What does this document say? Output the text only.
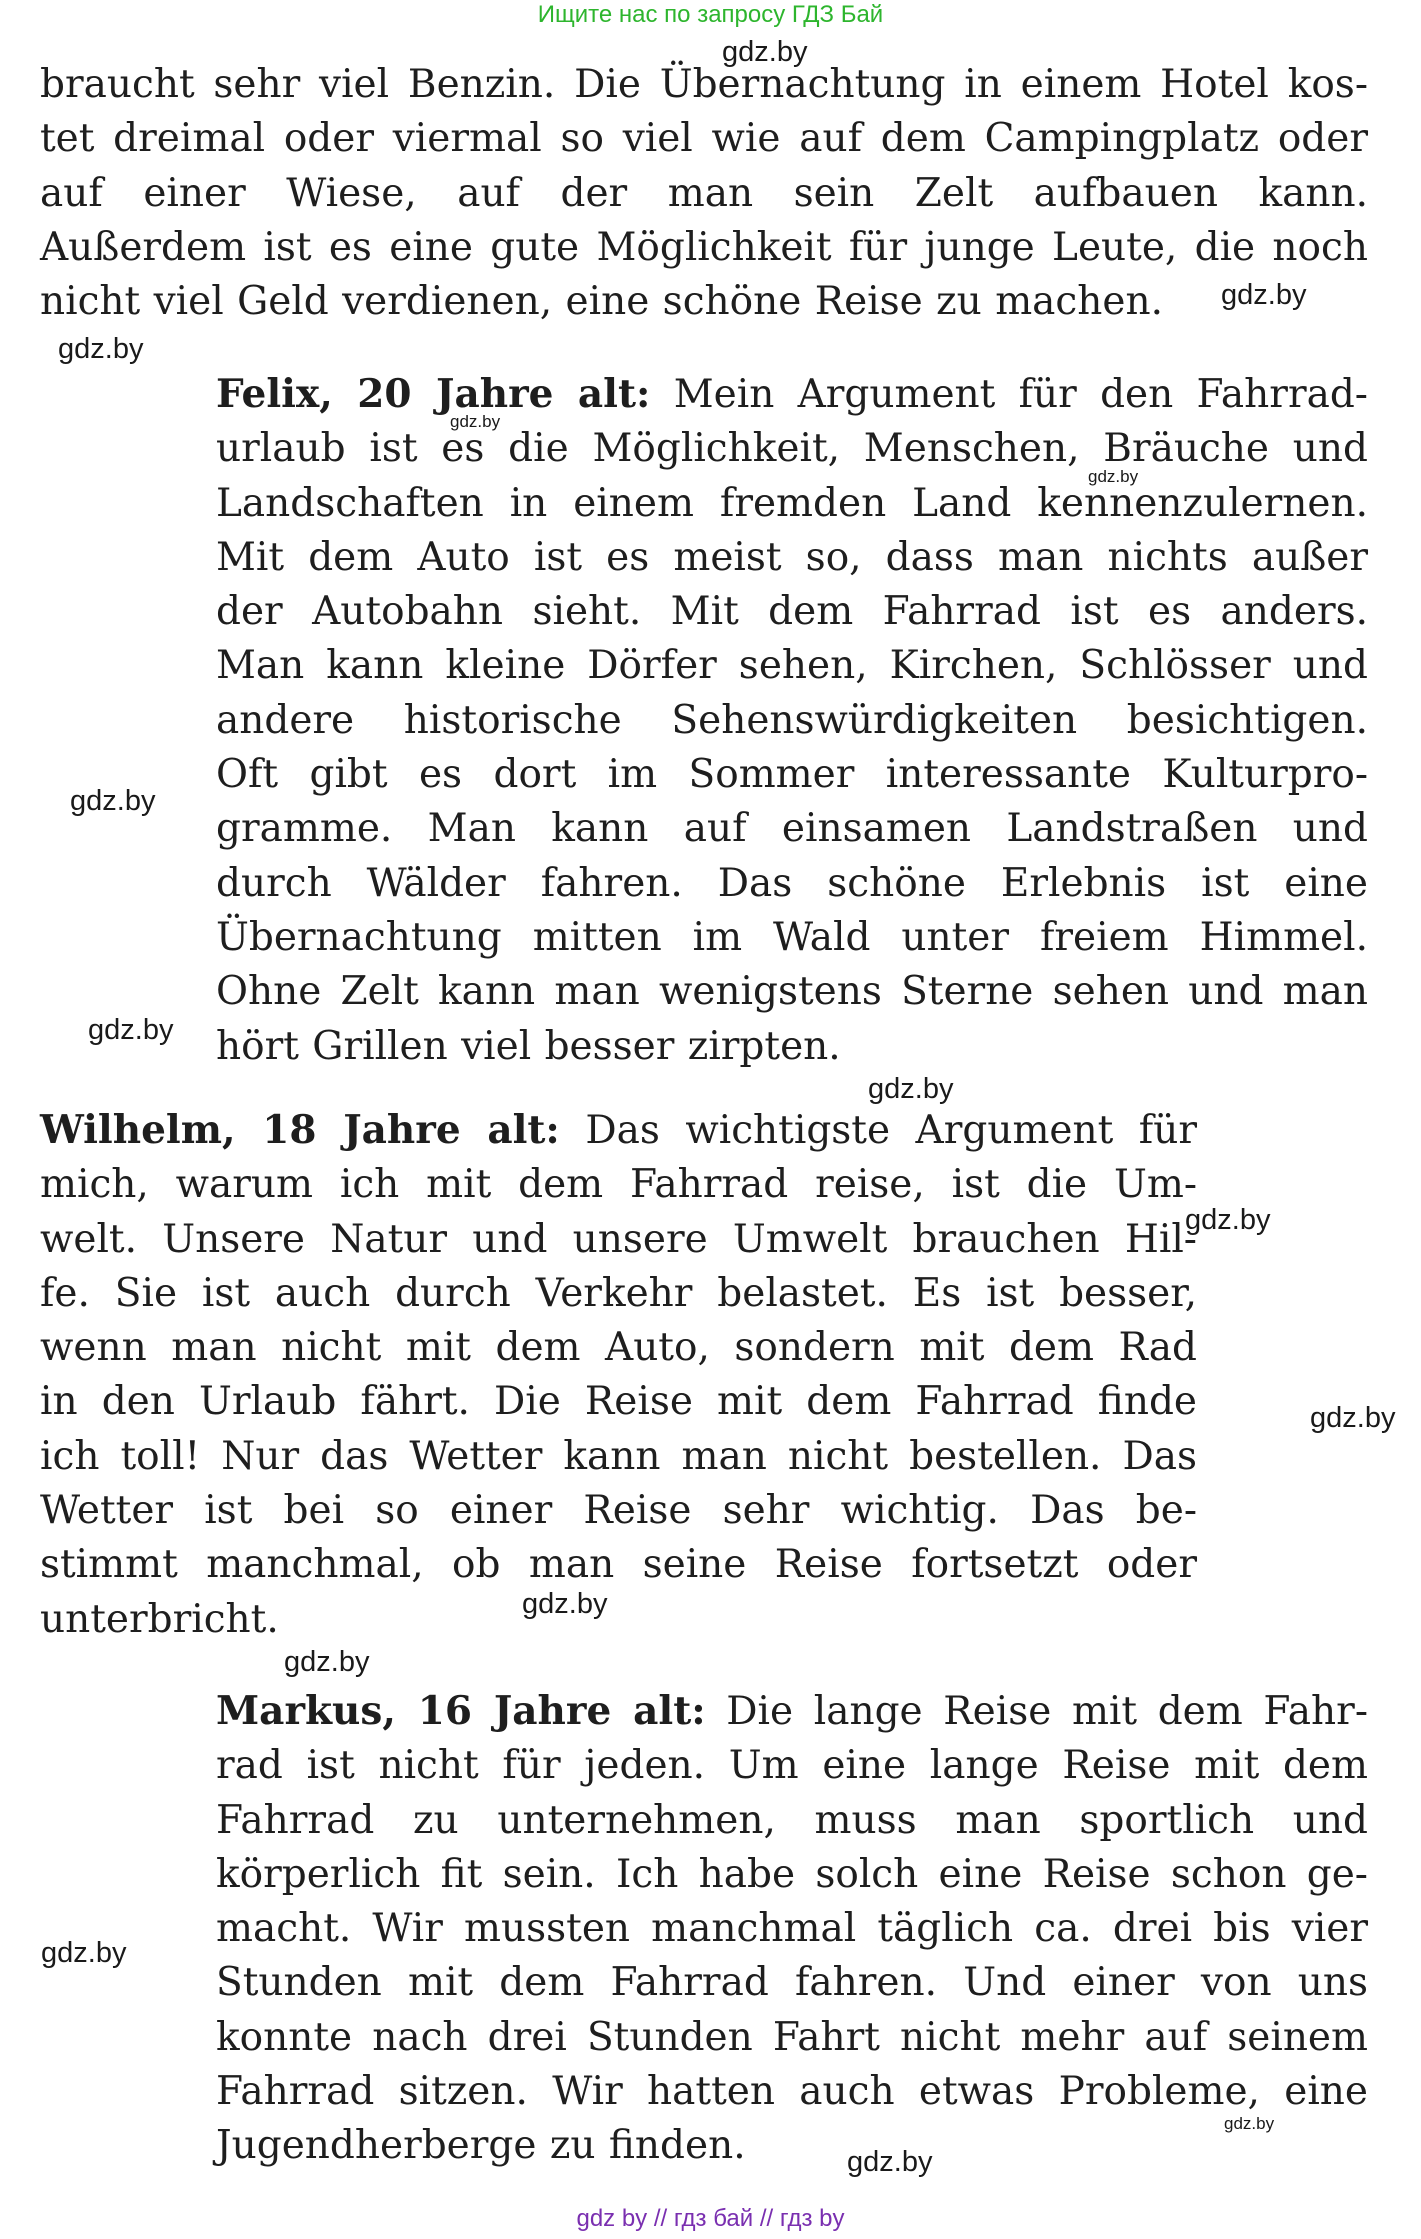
Ищите нас по запросу ГДЗ Бай
braucht sehr viel Benzin. Die Übernachtung in einem Hotel kos-
tet dreimal oder viermal so viel wie auf dem Campingplatz oder
auf einer Wiese, auf der man sein Zelt aufbauen kann.
Außerdem ist es eine gute Möglichkeit für junge Leute, die noch
nicht viel Geld verdienen, eine schöne Reise zu machen.
Felix, 20 Jahre alt: Mein Argument für den Fahrrad-
urlaub ist es die Möglichkeit, Menschen, Bräuche und
Landschaften in einem fremden Land kennenzulernen.
Mit dem Auto ist es meist so, dass man nichts außer
der Autobahn sieht. Mit dem Fahrrad ist es anders.
Man kann kleine Dörfer sehen, Kirchen, Schlösser und
andere historische Sehenswürdigkeiten besichtigen.
Oft gibt es dort im Sommer interessante Kulturpro-
gramme. Man kann auf einsamen Landstraßen und
durch Wälder fahren. Das schöne Erlebnis ist eine
Übernachtung mitten im Wald unter freiem Himmel.
Ohne Zelt kann man wenigstens Sterne sehen und man
hört Grillen viel besser zirpten.
Wilhelm, 18 Jahre alt: Das wichtigste Argument für
mich, warum ich mit dem Fahrrad reise, ist die Um-
welt. Unsere Natur und unsere Umwelt brauchen Hil-
fe. Sie ist auch durch Verkehr belastet. Es ist besser,
wenn man nicht mit dem Auto, sondern mit dem Rad
in den Urlaub fährt. Die Reise mit dem Fahrrad finde
ich toll! Nur das Wetter kann man nicht bestellen. Das
Wetter ist bei so einer Reise sehr wichtig. Das be-
stimmt manchmal, ob man seine Reise fortsetzt oder
unterbricht.
Markus, 16 Jahre alt: Die lange Reise mit dem Fahr-
rad ist nicht für jeden. Um eine lange Reise mit dem
Fahrrad zu unternehmen, muss man sportlich und
körperlich fit sein. Ich habe solch eine Reise schon ge-
macht. Wir mussten manchmal täglich ca. drei bis vier
Stunden mit dem Fahrrad fahren. Und einer von uns
konnte nach drei Stunden Fahrt nicht mehr auf seinem
Fahrrad sitzen. Wir hatten auch etwas Probleme, eine
Jugendherberge zu finden.
gdz.by
gdz.by
gdz.by
gdz.by
gdz.by
gdz.by
gdz.by
gdz.by
gdz.by
gdz.by
gdz.by
gdz.by
gdz.by
gdz.by
gdz.by
gdz by // гдз бай // гдз by
